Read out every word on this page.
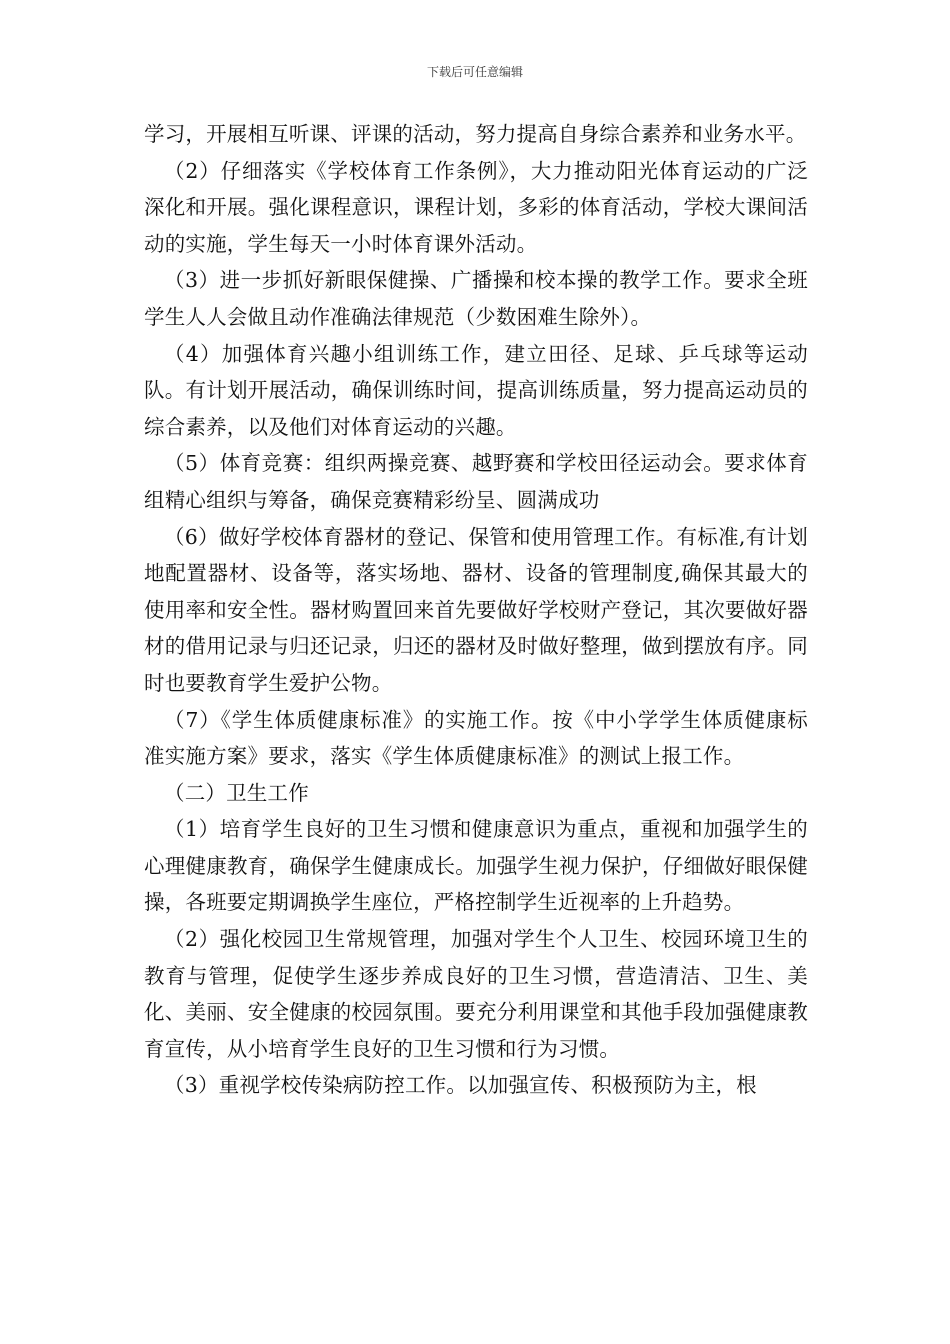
下载后可任意编辑

学习，开展相互听课、评课的活动，努力提高自身综合素养和业务水平。

（2）仔细落实《学校体育工作条例》，大力推动阳光体育运动的广泛深化和开展。强化课程意识，课程计划，多彩的体育活动，学校大课间活动的实施，学生每天一小时体育课外活动。

（3）进一步抓好新眼保健操、广播操和校本操的教学工作。要求全班学生人人会做且动作准确法律规范（少数困难生除外）。

（4）加强体育兴趣小组训练工作，建立田径、足球、乒乓球等运动队。有计划开展活动，确保训练时间，提高训练质量，努力提高运动员的综合素养，以及他们对体育运动的兴趣。

（5）体育竞赛：组织两操竞赛、越野赛和学校田径运动会。要求体育组精心组织与筹备，确保竞赛精彩纷呈、圆满成功

（6）做好学校体育器材的登记、保管和使用管理工作。有标准,有计划地配置器材、设备等，落实场地、器材、设备的管理制度,确保其最大的使用率和安全性。器材购置回来首先要做好学校财产登记，其次要做好器材的借用记录与归还记录，归还的器材及时做好整理，做到摆放有序。同时也要教育学生爱护公物。

（7）《学生体质健康标准》的实施工作。按《中小学学生体质健康标准实施方案》要求，落实《学生体质健康标准》的测试上报工作。

（二）卫生工作

（1）培育学生良好的卫生习惯和健康意识为重点，重视和加强学生的心理健康教育，确保学生健康成长。加强学生视力保护，仔细做好眼保健操，各班要定期调换学生座位，严格控制学生近视率的上升趋势。

（2）强化校园卫生常规管理，加强对学生个人卫生、校园环境卫生的教育与管理，促使学生逐步养成良好的卫生习惯，营造清洁、卫生、美化、美丽、安全健康的校园氛围。要充分利用课堂和其他手段加强健康教育宣传，从小培育学生良好的卫生习惯和行为习惯。

（3）重视学校传染病防控工作。以加强宣传、积极预防为主，根
